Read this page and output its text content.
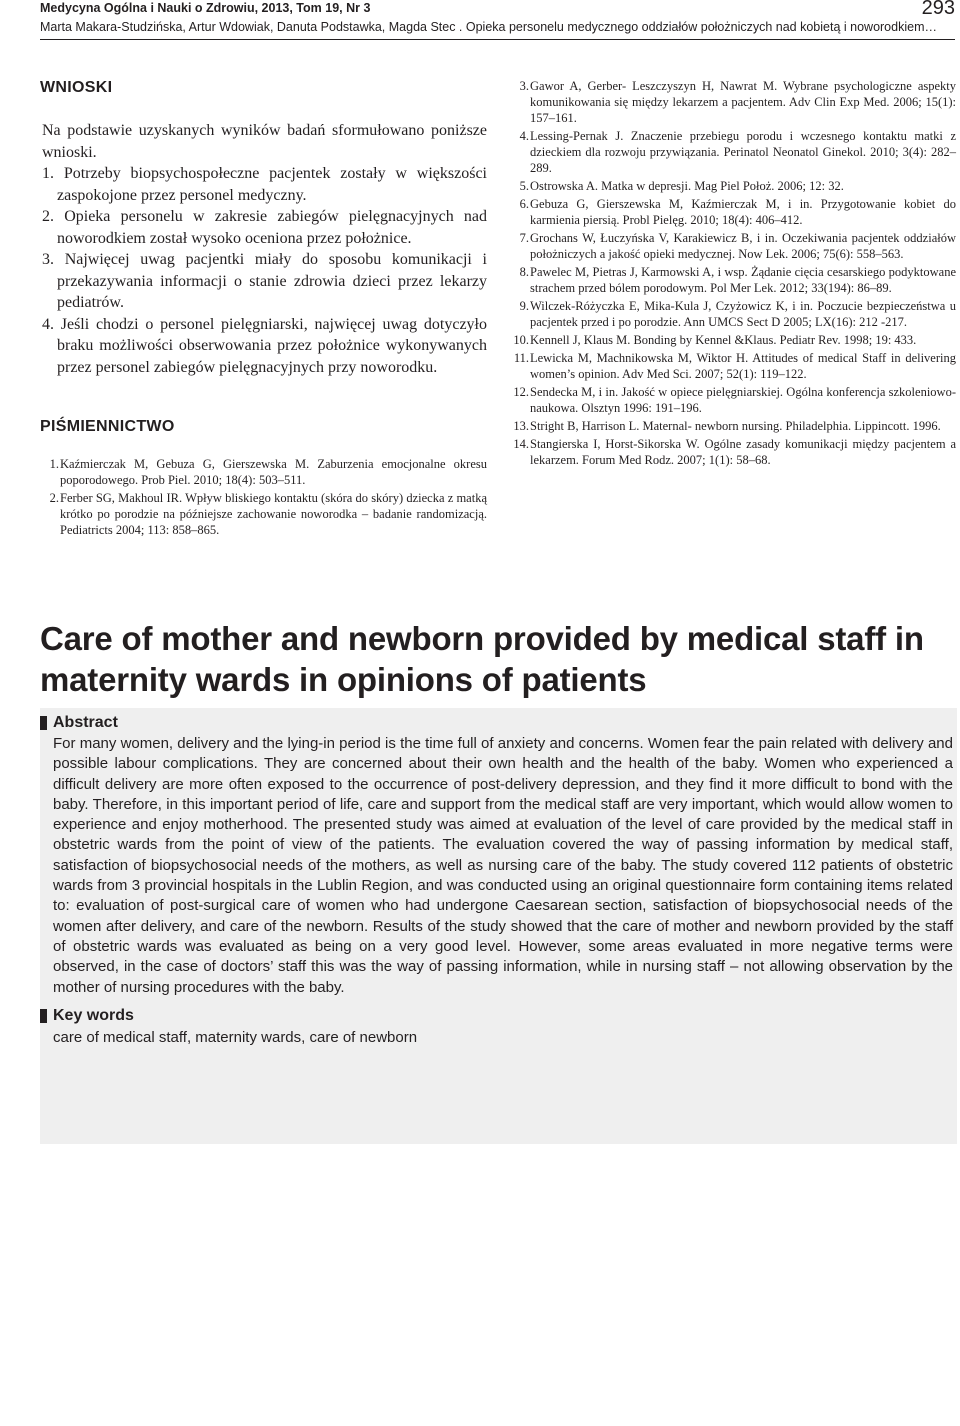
Medycyna Ogólna i Nauki o Zdrowiu, 2013, Tom 19, Nr 3
Marta Makara-Studzińska, Artur Wdowiak, Danuta Podstawka, Magda Stec . Opieka personelu medycznego oddziałów położniczych nad kobietą i noworodkiem…
293
WNIOSKI

Na podstawie uzyskanych wyników badań sformułowano poniższe wnioski.

1. Potrzeby biopsychospołeczne pacjentek zostały w większości zaspokojone przez personel medyczny.

2. Opieka personelu w zakresie zabiegów pielęgnacyjnych nad noworodkiem został wysoko oceniona przez położnice.

3. Najwięcej uwag pacjentki miały do sposobu komunikacji i przekazywania informacji o stanie zdrowia dzieci przez lekarzy pediatrów.

4. Jeśli chodzi o personel pielęgniarski, najwięcej uwag dotyczyło braku możliwości obserwowania przez położnice wykonywanych przez personel zabiegów pielęgnacyjnych przy noworodku.

PIŚMIENNICTWO
1. Kaźmierczak M, Gebuza G, Gierszewska M. Zaburzenia emocjonalne okresu poporodowego. Prob Piel. 2010; 18(4): 503–511.
2. Ferber SG, Makhoul IR. Wpływ bliskiego kontaktu (skóra do skóry) dziecka z matką krótko po porodzie na późniejsze zachowanie noworodka – badanie randomizacją. Pediatricts 2004; 113: 858–865.
3. Gawor A, Gerber- Leszczyszyn H, Nawrat M. Wybrane psychologiczne aspekty komunikowania się między lekarzem a pacjentem. Adv Clin Exp Med. 2006; 15(1): 157–161.
4. Lessing-Pernak J. Znaczenie przebiegu porodu i wczesnego kontaktu matki z dzieckiem dla rozwoju przywiązania. Perinatol Neonatol Ginekol. 2010; 3(4): 282–289.
5. Ostrowska A. Matka w depresji. Mag Piel Położ. 2006; 12: 32.
6. Gebuza G, Gierszewska M, Kaźmierczak M, i in. Przygotowanie kobiet do karmienia piersią. Probl Pielęg. 2010; 18(4): 406–412.
7. Grochans W, Łuczyńska V, Karakiewicz B, i in. Oczekiwania pacjentek oddziałów położniczych a jakość opieki medycznej. Now Lek. 2006; 75(6): 558–563.
8. Pawelec M, Pietras J, Karmowski A, i wsp. Żądanie cięcia cesarskiego podyktowane strachem przed bólem porodowym. Pol Mer Lek. 2012; 33(194): 86–89.
9. Wilczek-Różyczka E, Mika-Kula J, Czyżowicz K, i in. Poczucie bezpieczeństwa u pacjentek przed i po porodzie. Ann UMCS Sect D 2005; LX(16): 212 -217.
10. Kennell J, Klaus M. Bonding by Kennel &Klaus. Pediatr Rev. 1998; 19: 433.
11. Lewicka M, Machnikowska M, Wiktor H. Attitudes of medical Staff in delivering women’s opinion. Adv Med Sci. 2007; 52(1): 119–122.
12. Sendecka M, i in. Jakość w opiece pielęgniarskiej. Ogólna konferencja szkoleniowo-naukowa. Olsztyn 1996: 191–196.
13. Stright B, Harrison L. Maternal- newborn nursing. Philadelphia. Lippincott. 1996.
14. Stangierska I, Horst-Sikorska W. Ogólne zasady komunikacji między pacjentem a lekarzem. Forum Med Rodz. 2007; 1(1): 58–68.
Care of mother and newborn provided by medical staff in maternity wards in opinions of patients
Abstract

For many women, delivery and the lying-in period is the time full of anxiety and concerns. Women fear the pain related with delivery and possible labour complications. They are concerned about their own health and the health of the baby. Women who experienced a difficult delivery are more often exposed to the occurrence of post-delivery depression, and they find it more difficult to bond with the baby. Therefore, in this important period of life, care and support from the medical staff are very important, which would allow women to experience and enjoy motherhood. The presented study was aimed at evaluation of the level of care provided by the medical staff in obstetric wards from the point of view of the patients. The evaluation covered the way of passing information by medical staff, satisfaction of biopsychosocial needs of the mothers, as well as nursing care of the baby. The study covered 112 patients of obstetric wards from 3 provincial hospitals in the Lublin Region, and was conducted using an original questionnaire form containing items related to: evaluation of post-surgical care of women who had undergone Caesarean section, satisfaction of biopsychosocial needs of the women after delivery, and care of the newborn. Results of the study showed that the care of mother and newborn provided by the staff of obstetric wards was evaluated as being on a very good level. However, some areas evaluated in more negative terms were observed, in the case of doctors’ staff this was the way of passing information, while in nursing staff – not allowing observation by the mother of nursing procedures with the baby.

Key words

care of medical staff, maternity wards, care of newborn
